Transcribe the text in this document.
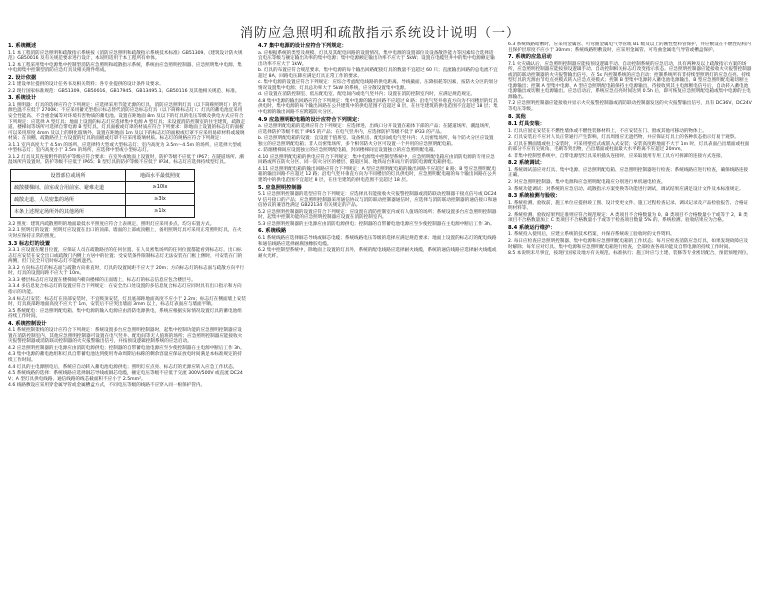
消防应急照明和疏散指示系统设计说明（一）

1. 系统概述

1.1 本工程消防应急照明和疏散指示系统按《消防应急照明和疏散指示系统技术标准》GB51309、《建筑设计防火规范》GB50016 及有关规范要求进行设计，本说明适用于本工程所有单体。

1.2 本工程采用集中电源集中控制型消防应急照明和疏散指示系统，系统由应急照明控制器、应急照明集中电源、集中电源集中控制型消防应急灯具及相关附件组成。

2. 设计依据

2.1 建设单位提供的设计任务书及相关资料；各专业提供的设计条件及要求。

2.2 现行国家标准规范：GB51309、GB50016、GB17945、GB13495.1、GB50116 及其他相关规范、标准。

3. 系统设计

3.1 照明器：灯具的选择应符合下列规定：应选择采用节能光源的灯具，消防应急照明灯具（以下简称照明灯）的光源色温不应低于 2700K；不应采用蓄光型指示标志替代消防应急标志灯具（以下简称标志灯）；灯具的蓄电池宜采用安全性能高、不含重金属等对环境有害物质的蓄电池。设置在距地面 8m 及以下的灯具的电压等级及供电方式应符合下列规定：应选择 A 型灯具；地面上设置的标志灯应选择集中电源 A 型灯具；未设置消防控制室的住宅建筑，疏散走道、楼梯间等场所可选择自带电源 B 型灯具。灯具面板或灯罩的材质应符合下列要求：除地面上设置的标志灯的面板可以采用厚度 4mm 及以上的钢化玻璃外，设置在距地面 1m 及以下的标志灯的面板或灯罩不应采用易碎材料或玻璃材质；在顶棚、疏散路径上方设置的灯具的面板或灯罩不应采用玻璃材质。标志灯的规格应符合下列规定：

3.1.1 室内高度大于 4.5m 的场所，应选择特大型或大型标志灯；室内高度为 3.5m～4.5m 的场所，应选择大型或中型标志灯；室内高度小于 3.5m 的场所，应选择中型或小型标志灯。

3.1.2 灯具及其连接附件的防护等级应符合要求：在室外或地面上设置时，防护等级不应低于 IP67；在隧道场所、潮湿场所内设置时，防护等级不应低于 IP65；B 型灯具的防护等级不应低于 IP34。标志灯应选择持续型灯具。

设置部位或场所	地面水平最低照度
疏散楼梯间、前室或合用前室、避难走道	≥10lx
疏散走道、人员密集的场所	≥3lx
本条上述规定场所外的其他场所	≥1lx

3.2 照度：建筑内疏散照明的地面最低水平照度应符合上表规定，照明灯应采用多点、均匀布置方式。

3.2.1 照明灯的设置：照明灯应设置在出口的顶部、墙面的上部或顶棚上，备用照明灯具可采用正常照明灯具，在火灾时应保持正常的照度。

3.3 标志灯的设置

3.3.1 应设置在醒目位置，应保证人员在疏散路径的任何位置、在人员密集场所的任何位置都能看到标志灯。出口标志灯应安装在安全出口或疏散门内侧上方居中的位置；受安装条件限制标志灯无法安装在门框上侧时，可安装在门的两侧，但门完全开启时标志灯不能被遮挡。

3.3.2 方向标志灯的标志面与疏散方向垂直时，灯具的设置间距不应大于 20m；方向标志灯的标志面与疏散方向平行时，灯具的设置间距不应大于 10m。

3.3.3 楼层标志灯应设置在楼梯间内朝向楼梯的正面墙上，标志灯的标志信息应包含楼层号。

3.3.4 多信息复合标志灯的设置应符合下列规定：在安全出口处设置的多信息复合标志灯应同时具有出口指示和方向指示的功能。

3.4 标志灯安装：标志灯在顶部安装时，不宜吸顶安装，灯具底部距地面高度不应小于 2.2m；标志灯在侧面墙上安装时，灯具底部距地面高度不应大于 1m，安装后不应突出墙面 3mm 以上，标志灯表面应与墙面平顺。

3.5 系统配电：应急照明配电箱、集中电源的输入电源应由消防电源供电，系统应根据实际情况设置灯具的蓄电池组持续工作时间。

4. 系统控制设计

4.1 系统控制架构的设计应符合下列规定：系统设置多台应急照明控制器时，起集中控制功能的应急照明控制器应设置在消防控制室内，其他应急照明控制器可设置在电气竖井、配电间等无人值班的场所；应急照明控制器应能接收火灾报警控制器或消防联动控制器的火灾报警输出信号，并按预设逻辑控制系统的应急启动。

4.2 应急照明控制器的主电源应由消防电源供电；控制器的自带蓄电池电源应至少使控制器在主电源中断后工作 3h。

4.3 集中电源的蓄电池组和灯具自带蓄电池达到使用寿命周期后标称的剩余容量应保证放电时间满足本标准规定的持续工作时间。

4.4 灯具的主电源断电后，系统应自动转入蓄电池电源供电；照明灯应点亮、标志灯的光源应转入应急工作状态。

4.5 系统线路的选择：系统线路应选择铜芯导线或铜芯电缆，额定电压等级不应低于交流 300V/500V 或直流 DC24V；A 型灯具供电线路、通信线路的线芯截面积不应小于 2.5mm²。

4.6 线路敷设应采用穿金属导管或金属槽盒方式，不同电压等级的线路不应穿入同一根保护管内。

4.7 集中电源的设计应符合下列规定：

a. 应根据系统的类型及规模、灯具及其配电回路的设置情况、集中电源的设置部位及设备散热能力等因素综合选择适宜电压等级与额定输出功率的集中电源；集中电源额定输出功率不应大于 5kW；设置在电缆竖井中的集中电源额定输出功率不应大于 1kW。

b. 灯具的布置应符合规范要求，集中电源的每个输出回路配接灯具的数量不宜超过 60 只；直流输出回路的总电流不宜超过 8A，回路电压降应满足灯具正常工作的要求。

c. 集中电源的设置应符合下列规定：应综合考虑配电线路的供电距离、导线截面、压降损耗等因素，按防火分区的划分情况设置集中电源；灯具总功率大于 5kW 的系统，应分散设置集中电源。

d. 应设置在消防控制室、低压配电室、配电间内或电气竖井内；设置在消防控制室内时，应满足规范规定。

4.8 集中电源的输出回路应符合下列规定：集中电源的输出回路不应超过 8 路；沿电气竖井垂直方向为不同楼层的灯具供电时，集中电源的每个输出回路在公共建筑中的供电范围不宜超过 8 层，在住宅建筑的供电范围不宜超过 18 层；集中电源的输出回路不应跨越防火分区。

4.9 应急照明配电箱的设计应符合下列规定：

a. 应急照明配电箱的选择应符合下列规定：应选择进、出线口分开设置在箱体下部的产品；在隧道场所、潮湿场所，应选择防护等级不低于 IP65 的产品；在电气竖井内，应选择防护等级不低于 IP33 的产品。

b. 应急照明配电箱的设置：宜设置于值班室、设备机房、配电间或电气竖井内；人员密集场所，每个防火分区应设置独立的应急照明配电箱；非人员密集场所，多个相邻防火分区可设置一个共用的应急照明配电箱。

c. 防烟楼梯间应设置独立的应急照明配电箱，封闭楼梯间宜设置独立的应急照明配电箱。

4.10 应急照明配电箱的供电应符合下列规定：集中电源集中控制型系统中，应急照明配电箱应由消防电源的专用应急回路或所在防火分区、同一防火分区的楼层、隧道区间、地铁站台和站厅的消防电源配电箱供电。

4.11 应急照明配电箱的输出回路应符合下列规定：A 型应急照明配电箱的输出回路不应超过 8 路；B 型应急照明配电箱的输出回路不应超过 12 路；沿电气竖井垂直方向为不同楼层的灯具供电时，应急照明配电箱的每个输出回路在公共建筑中的供电范围不宜超过 8 层，在住宅建筑的供电范围不宜超过 18 层。

5. 应急照明控制器

5.1 应急照明控制器的选型应符合下列规定：应选择具有能接收火灾报警控制器或消防联动控制器干接点信号或 DC24V 信号接口的产品；应急照明控制器采用通信协议与消防联动控制器通信时，应选择与消防联动控制器的通信接口和通信协议的兼容性满足 GB22134 有关规定的产品。

5.2 应急照明控制器的设置应符合下列规定：应设置在消防控制室内或有人值班的场所；系统设置多台应急照明控制器时，起集中控制功能的应急照明控制器应设置在消防控制室内。

5.3 应急照明控制器的主电源应由消防电源供电；控制器的自带蓄电池电源应至少使控制器在主电源中断后工作 3h。

6. 系统线路

6.1 系统线路应选择铜芯导线或铜芯电缆；系统线路电压等级的选择应满足规范要求；地面上设置的标志灯的配电线路和通信线路应选择耐腐蚀橡胶电缆。

6.2 集中控制型系统中，除地面上设置的灯具外，系统的配电线路应选择耐火线缆，系统的通信线路应选择耐火线缆或耐火光纤。

6.3 系统线路暗敷时，应采用金属管、可弯曲金属电气导管或 B1 级及以上的刚性塑料管保护，并应敷设在不燃性结构内且保护层厚度不应小于 30mm；系统线路明敷设时，应采用金属管、可弯曲金属电气导管或槽盒保护。

7. 系统的应急启动

7.1 火灾确认后，应急照明控制器应能按预设逻辑手动、自动控制系统的应急启动，具有两种及以上疏散指示方案的场所，应急照明控制器应能按预设逻辑手动、自动控制相关标志灯改变指示状态。应急照明控制器应能接收火灾报警控制器或消防联动控制器的火灾报警输出信号，在 5s 内控制系统的应急启动：控制系统所有非持续型照明灯的应急点亮、持续型灯具的光源由节电点亮模式转入应急点亮模式；控制 B 型集中电源转入蓄电池电源输出、B 型应急照明配电箱切断主电源输出；控制 A 型集中电源、A 型应急照明配电箱保持主电源输出，待接收到其主电源断电信号后，自动转入蓄电池电源输出或切断主电源输出。应急启动后，系统应急点亮时间达到 0.5h 后，即可恢复应急照明配电箱或集中电源的主电源输出。

7.2 应急照明控制器应能接收并显示火灾报警控制器或消防联动控制器发送的火灾报警输出信号，具有 DC36V、DC24V 等电压等级。

8. 其他

8.1 灯具安装：

1. 灯具应固定安装在不燃性墙体或不燃性装修材料上，不应安装在门、窗或其他可移动的物体上。

2. 灯具安装后不应对人员正常通行产生影响，灯具周围应无遮挡物，并应保证灯具上的各种状态指示灯易于观察。

3. 灯具在侧面墙或柱上安装时，可采用壁挂式或嵌入式安装；安装高度距地面不大于 1m 时，灯具表面凸出墙面或柱面的部分不应有尖锐角、毛刺等突出物，凸出墙面或柱面最大水平距离不应超过 20mm。

4. 非集中控制型系统中，自带电源型灯具采用插头连接时，应采取使用专用工具方可拆卸的连接方式连接。

8.2 系统调试：

1. 系统调试前应对灯具、集中电源、应急照明配电箱、应急照明控制器进行检查；系统线路应进行检查，确保线路连接正确。

2. 对应急照明控制器、集中电源和应急照明配电箱应分别进行单机通电检查。

3. 系统功能调试：对系统的应急启动、疏散指示方案变换等功能进行调试，调试结果应满足设计文件及本标准规定。

8.3 系统检测与验收：

1. 系统检测、验收前，施工单位应提供竣工图、设计变更文件、施工过程检查记录、调试记录及产品检验报告、合格证明材料等。

2. 系统检测、验收结果判定准则应符合规范规定：A 类项目不合格数量为 0、B 类项目不合格数量小于或等于 2，B 类项目不合格数量加上 C 类项目不合格数量小于或等于检查项目数量 5% 的，系统检测、验收结果应为合格。

8.4 系统运行维护：

1. 系统投入使用后，应建立系统的技术档案，并保存系统竣工验收时的文件资料。

2. 每日应检查应急照明控制器、集中电源和应急照明配电箱的工作状态；每月应检查消防应急灯具，如果发现故障应及时解除；每年应对灯具、集中电源和应急照明配电箱进行检查，全部检查各项功能及自带电源的持续工作时间。

8.5 本说明未尽事宜，按现行国家及地方有关规范、标准执行；施工时应与土建、装修等专业密切配合，预留预埋到位。
